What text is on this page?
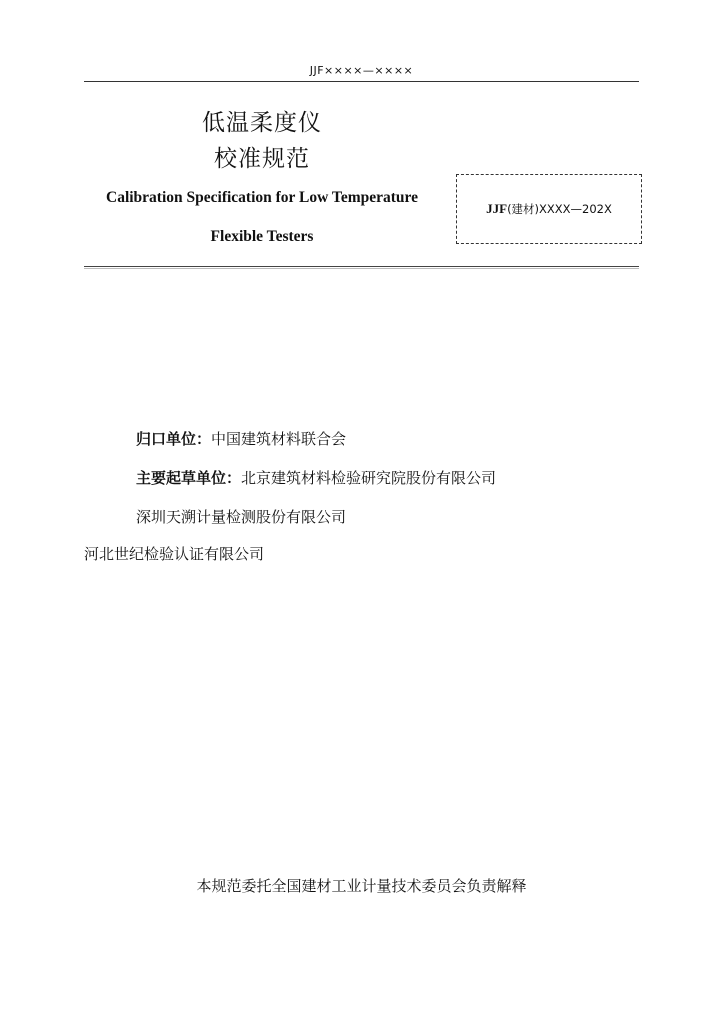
JJF××××—××××
低温柔度仪
校准规范
Calibration Specification for Low Temperature
Flexible Testers
JJF (建材)XXXX—202X
归口单位：中国建筑材料联合会
主要起草单位：北京建筑材料检验研究院股份有限公司
深圳天溯计量检测股份有限公司
河北世纪检验认证有限公司
本规范委托全国建材工业计量技术委员会负责解释
